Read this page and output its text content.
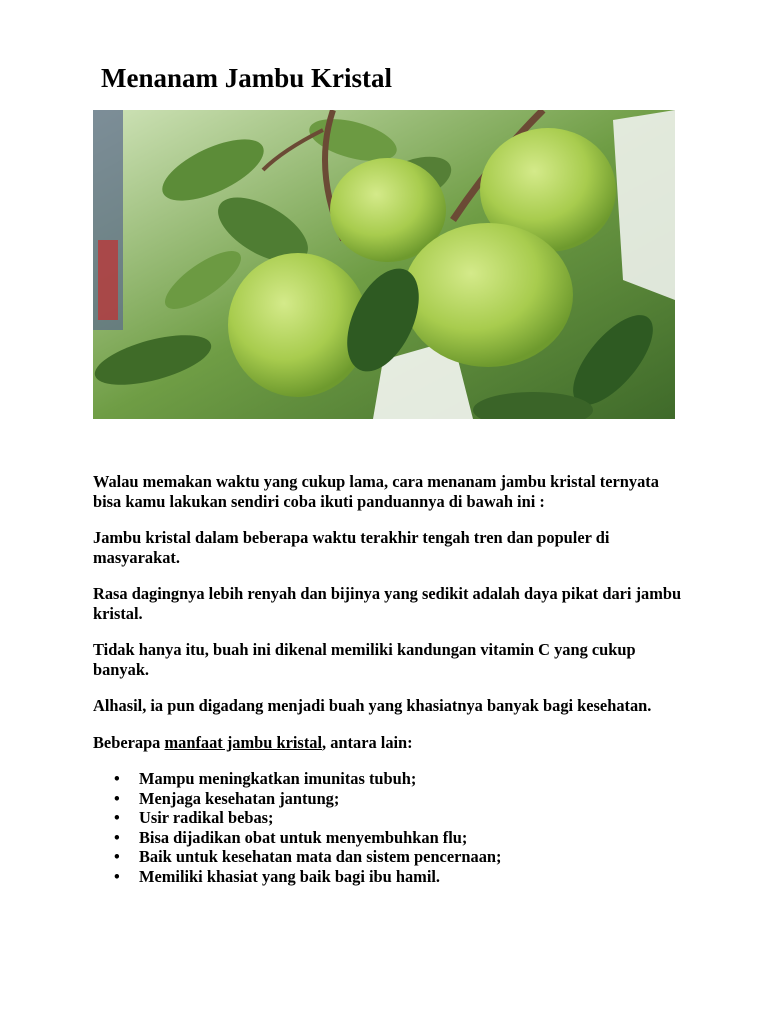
Menanam Jambu Kristal

Walau memakan waktu yang cukup lama, cara menanam jambu kristal ternyata bisa kamu lakukan sendiri coba ikuti panduannya di bawah ini :

Jambu kristal dalam beberapa waktu terakhir tengah tren dan populer di masyarakat.

Rasa dagingnya lebih renyah dan bijinya yang sedikit adalah daya pikat dari jambu kristal.

Tidak hanya itu, buah ini dikenal memiliki kandungan vitamin C yang cukup banyak.

Alhasil, ia pun digadang menjadi buah yang khasiatnya banyak bagi kesehatan.

Beberapa manfaat jambu kristal, antara lain:

• Mampu meningkatkan imunitas tubuh;
• Menjaga kesehatan jantung;
• Usir radikal bebas;
• Bisa dijadikan obat untuk menyembuhkan flu;
• Baik untuk kesehatan mata dan sistem pencernaan;
• Memiliki khasiat yang baik bagi ibu hamil.
